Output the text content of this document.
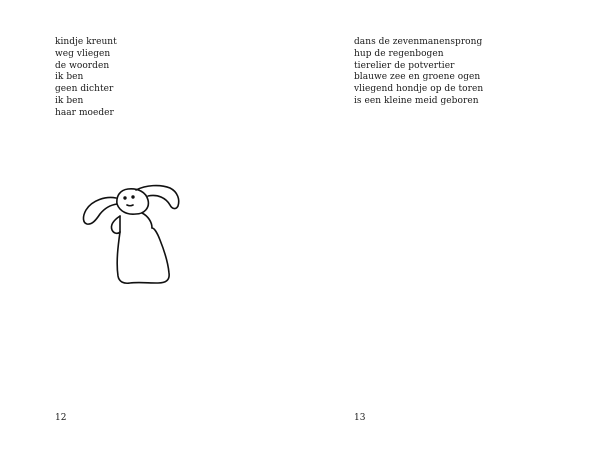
kindje kreunt
weg vliegen
de woorden
ik ben
geen dichter
ik ben
haar moeder
12
dans de zevenmanensprong
hup de regenbogen
tierelier de potvertier
blauwe zee en groene ogen
vliegend hondje op de toren
is een kleine meid geboren
13
